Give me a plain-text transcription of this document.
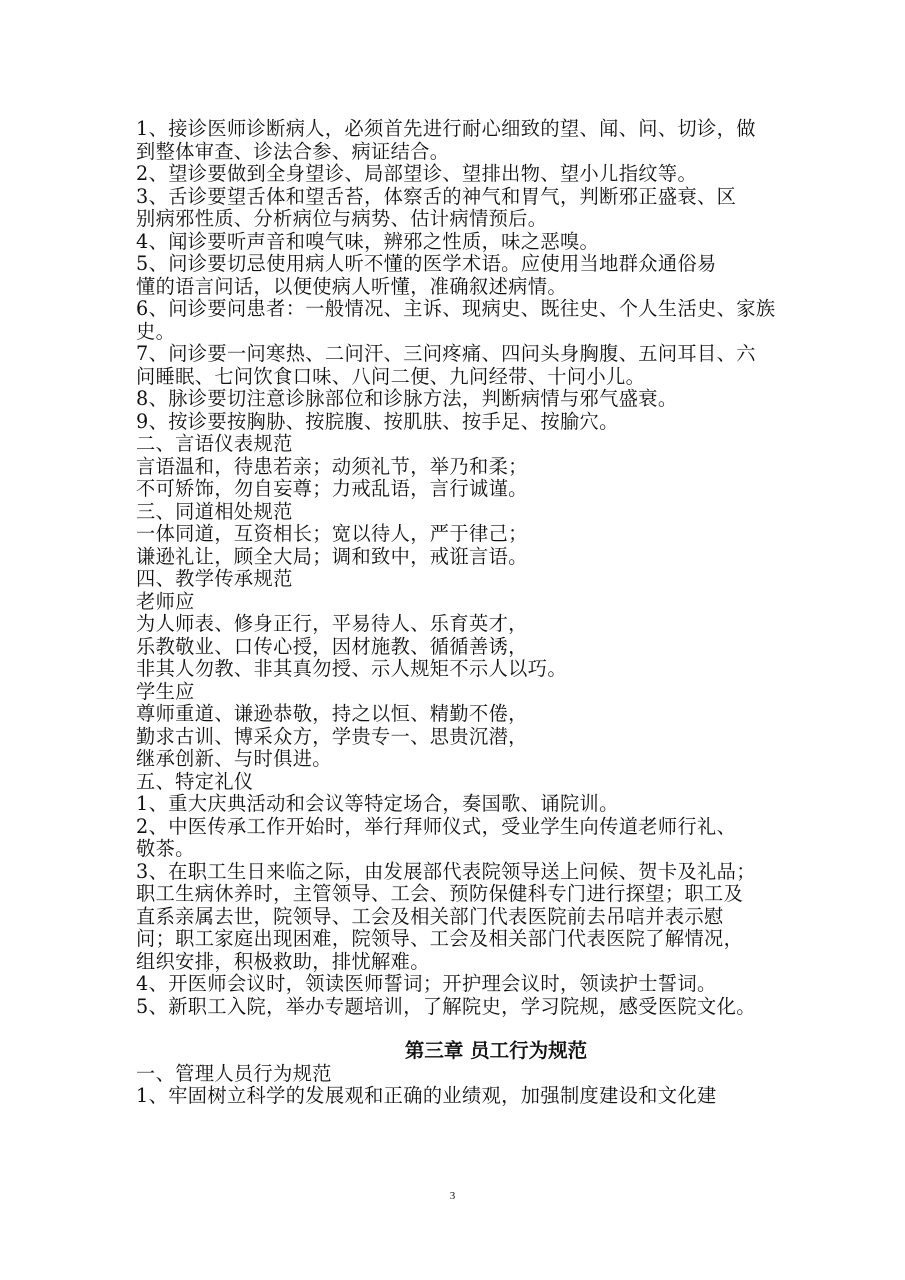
1、接诊医师诊断病人，必须首先进行耐心细致的望、闻、问、切诊，做
到整体审查、诊法合参、病证结合。
2、望诊要做到全身望诊、局部望诊、望排出物、望小儿指纹等。
3、舌诊要望舌体和望舌苔，体察舌的神气和胃气，判断邪正盛衰、区
别病邪性质、分析病位与病势、估计病情预后。
4、闻诊要听声音和嗅气味，辨邪之性质，味之恶嗅。
5、问诊要切忌使用病人听不懂的医学术语。应使用当地群众通俗易
懂的语言问话，以便使病人听懂，准确叙述病情。
6、问诊要问患者：一般情况、主诉、现病史、既往史、个人生活史、家族
史。
7、问诊要一问寒热、二问汗、三问疼痛、四问头身胸腹、五问耳目、六
问睡眠、七问饮食口味、八问二便、九问经带、十问小儿。
8、脉诊要切注意诊脉部位和诊脉方法，判断病情与邪气盛衰。
9、按诊要按胸胁、按脘腹、按肌肤、按手足、按腧穴。
二、言语仪表规范
言语温和，待患若亲；动须礼节，举乃和柔；
不可矫饰，勿自妄尊；力戒乱语，言行诚谨。
三、同道相处规范
一体同道，互资相长；宽以待人，严于律己；
谦逊礼让，顾全大局；调和致中，戒诳言语。
四、教学传承规范
老师应
为人师表、修身正行，平易待人、乐育英才，
乐教敬业、口传心授，因材施教、循循善诱，
非其人勿教、非其真勿授、示人规矩不示人以巧。
学生应
尊师重道、谦逊恭敬，持之以恒、精勤不倦，
勤求古训、博采众方，学贵专一、思贵沉潜，
继承创新、与时俱进。
五、特定礼仪
1、重大庆典活动和会议等特定场合，奏国歌、诵院训。
2、中医传承工作开始时，举行拜师仪式，受业学生向传道老师行礼、
敬茶。
3、在职工生日来临之际，由发展部代表院领导送上问候、贺卡及礼品；
职工生病休养时，主管领导、工会、预防保健科专门进行探望；职工及
直系亲属去世，院领导、工会及相关部门代表医院前去吊唁并表示慰
问；职工家庭出现困难，院领导、工会及相关部门代表医院了解情况，
组织安排，积极救助，排忧解难。
4、开医师会议时，领读医师誓词；开护理会议时，领读护士誓词。
5、新职工入院，举办专题培训，了解院史，学习院规，感受医院文化。
第三章 员工行为规范
一、管理人员行为规范
1、牢固树立科学的发展观和正确的业绩观，加强制度建设和文化建
3
